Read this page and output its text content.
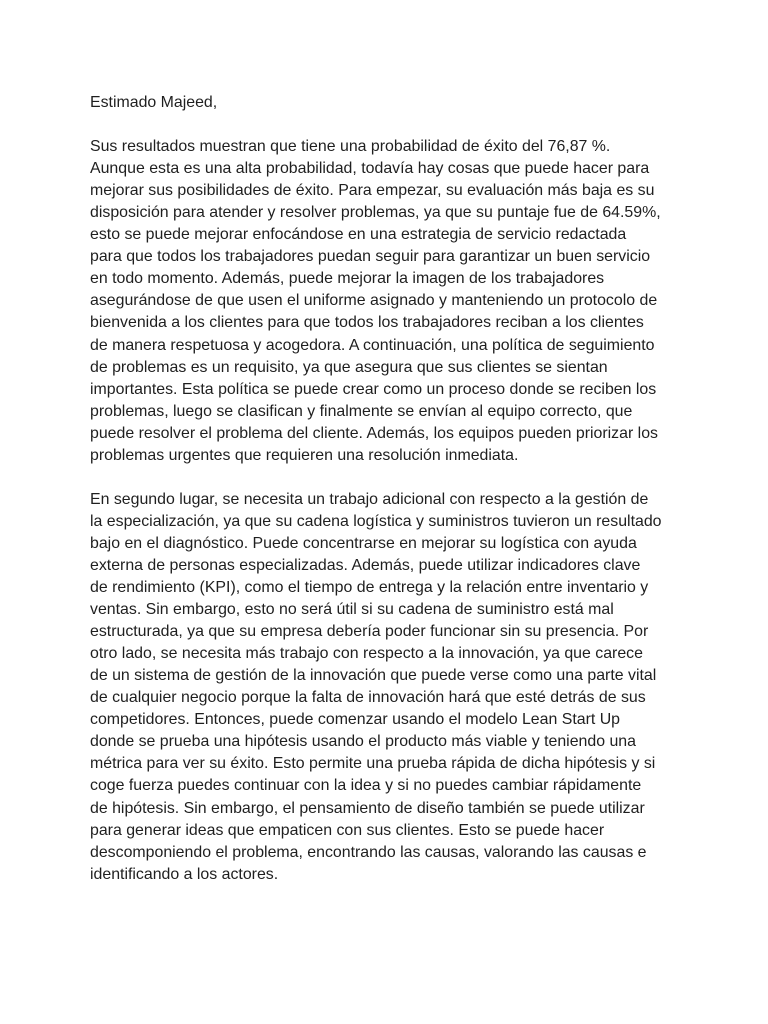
Estimado Majeed,
Sus resultados muestran que tiene una probabilidad de éxito del 76,87 %.
Aunque esta es una alta probabilidad, todavía hay cosas que puede hacer para
mejorar sus posibilidades de éxito. Para empezar, su evaluación más baja es su
disposición para atender y resolver problemas, ya que su puntaje fue de 64.59%,
esto se puede mejorar enfocándose en una estrategia de servicio redactada
para que todos los trabajadores puedan seguir para garantizar un buen servicio
en todo momento. Además, puede mejorar la imagen de los trabajadores
asegurándose de que usen el uniforme asignado y manteniendo un protocolo de
bienvenida a los clientes para que todos los trabajadores reciban a los clientes
de manera respetuosa y acogedora. A continuación, una política de seguimiento
de problemas es un requisito, ya que asegura que sus clientes se sientan
importantes. Esta política se puede crear como un proceso donde se reciben los
problemas, luego se clasifican y finalmente se envían al equipo correcto, que
puede resolver el problema del cliente. Además, los equipos pueden priorizar los
problemas urgentes que requieren una resolución inmediata.
En segundo lugar, se necesita un trabajo adicional con respecto a la gestión de
la especialización, ya que su cadena logística y suministros tuvieron un resultado
bajo en el diagnóstico. Puede concentrarse en mejorar su logística con ayuda
externa de personas especializadas. Además, puede utilizar indicadores clave
de rendimiento (KPI), como el tiempo de entrega y la relación entre inventario y
ventas. Sin embargo, esto no será útil si su cadena de suministro está mal
estructurada, ya que su empresa debería poder funcionar sin su presencia. Por
otro lado, se necesita más trabajo con respecto a la innovación, ya que carece
de un sistema de gestión de la innovación que puede verse como una parte vital
de cualquier negocio porque la falta de innovación hará que esté detrás de sus
competidores. Entonces, puede comenzar usando el modelo Lean Start Up
donde se prueba una hipótesis usando el producto más viable y teniendo una
métrica para ver su éxito. Esto permite una prueba rápida de dicha hipótesis y si
coge fuerza puedes continuar con la idea y si no puedes cambiar rápidamente
de hipótesis. Sin embargo, el pensamiento de diseño también se puede utilizar
para generar ideas que empaticen con sus clientes. Esto se puede hacer
descomponiendo el problema, encontrando las causas, valorando las causas e
identificando a los actores.
